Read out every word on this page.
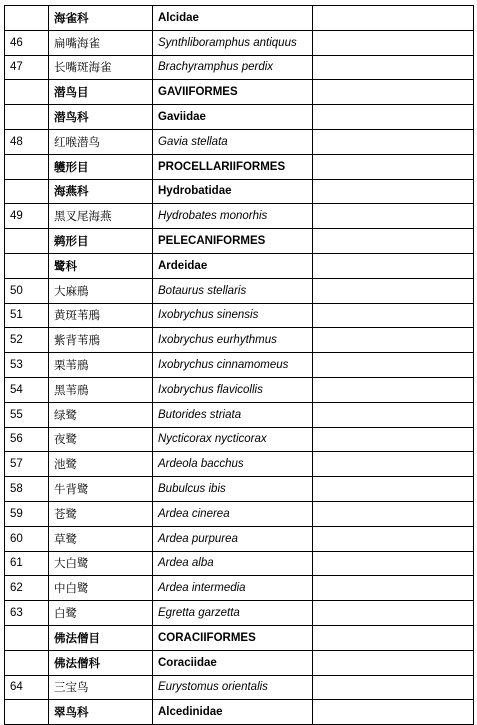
	海雀科	Alcidae	
46	扁嘴海雀	Synthliboramphus antiquus	
47	长嘴斑海雀	Brachyramphus perdix	
	潜鸟目	GAVIIFORMES	
	潜鸟科	Gaviidae	
48	红喉潜鸟	Gavia stellata	
	鹱形目	PROCELLARIIFORMES	
	海燕科	Hydrobatidae	
49	黑叉尾海燕	Hydrobates monorhis	
	鹈形目	PELECANIFORMES	
	鹭科	Ardeidae	
50	大麻鳽	Botaurus stellaris	
51	黄斑苇鳽	Ixobrychus sinensis	
52	紫背苇鳽	Ixobrychus eurhythmus	
53	栗苇鳽	Ixobrychus cinnamomeus	
54	黑苇鳽	Ixobrychus flavicollis	
55	绿鹭	Butorides striata	
56	夜鹭	Nycticorax nycticorax	
57	池鹭	Ardeola bacchus	
58	牛背鹭	Bubulcus ibis	
59	苍鹭	Ardea cinerea	
60	草鹭	Ardea purpurea	
61	大白鹭	Ardea alba	
62	中白鹭	Ardea intermedia	
63	白鹭	Egretta garzetta	
	佛法僧目	CORACIIFORMES	
	佛法僧科	Coraciidae	
64	三宝鸟	Eurystomus orientalis	
	翠鸟科	Alcedinidae	
